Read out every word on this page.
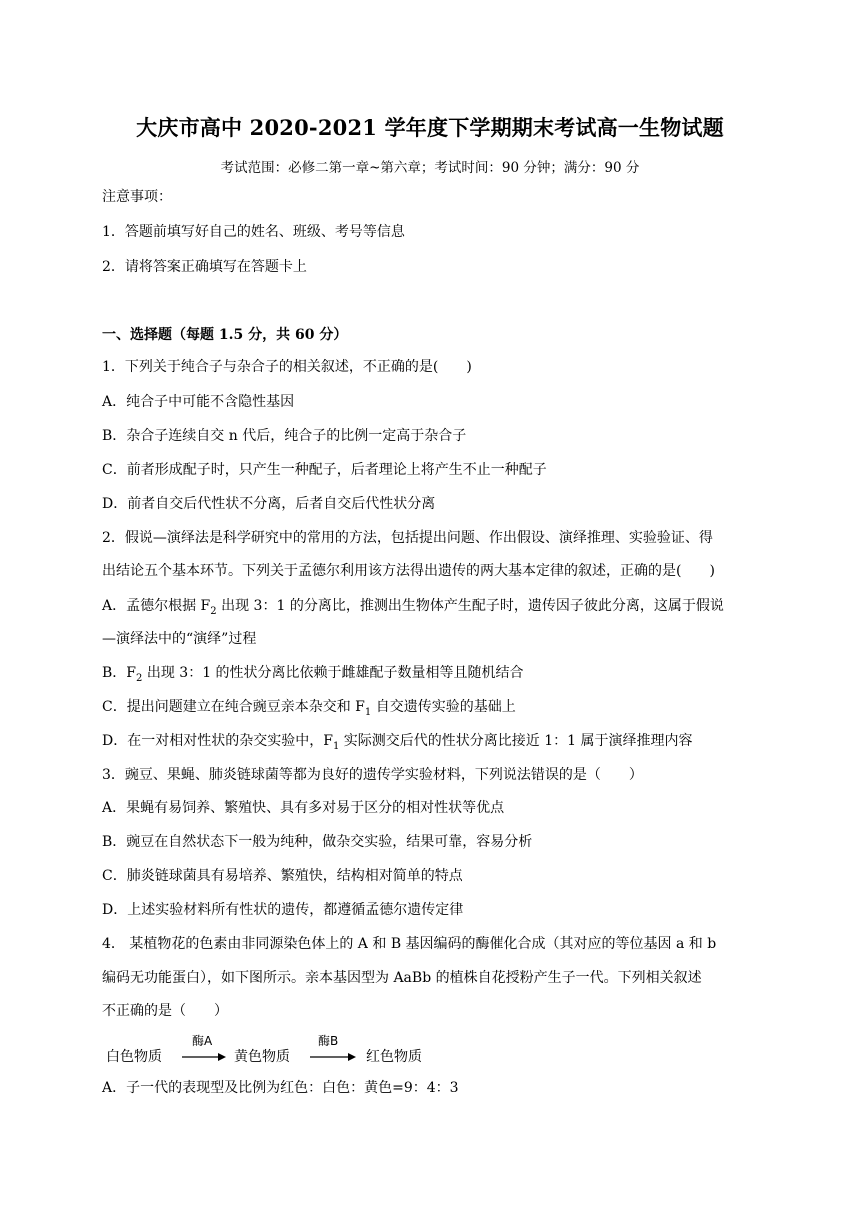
大庆市高中 2020-2021 学年度下学期期末考试高一生物试题
考试范围：必修二第一章~第六章；考试时间：90 分钟；满分：90 分
注意事项：
1．答题前填写好自己的姓名、班级、考号等信息
2．请将答案正确填写在答题卡上
一、选择题（每题 1.5 分，共 60 分）
1．下列关于纯合子与杂合子的相关叙述，不正确的是(　　)
A．纯合子中可能不含隐性基因
B．杂合子连续自交 n 代后，纯合子的比例一定高于杂合子
C．前者形成配子时，只产生一种配子，后者理论上将产生不止一种配子
D．前者自交后代性状不分离，后者自交后代性状分离
2．假说—演绎法是科学研究中的常用的方法，包括提出问题、作出假设、演绎推理、实验验证、得
出结论五个基本环节。下列关于孟德尔利用该方法得出遗传的两大基本定律的叙述，正确的是(　　)
A．孟德尔根据 $F_2$ 出现 3：1 的分离比，推测出生物体产生配子时，遗传因子彼此分离，这属于假说
—演绎法中的“演绎”过程
B．$F_2$ 出现 3：1 的性状分离比依赖于雌雄配子数量相等且随机结合
C．提出问题建立在纯合豌豆亲本杂交和 $F_1$ 自交遗传实验的基础上
D．在一对相对性状的杂交实验中，$F_1$ 实际测交后代的性状分离比接近 1：1 属于演绎推理内容
3．豌豆、果蝇、肺炎链球菌等都为良好的遗传学实验材料，下列说法错误的是（　　）
A．果蝇有易饲养、繁殖快、具有多对易于区分的相对性状等优点
B．豌豆在自然状态下一般为纯种，做杂交实验，结果可靠，容易分析
C．肺炎链球菌具有易培养、繁殖快，结构相对简单的特点
D．上述实验材料所有性状的遗传，都遵循孟德尔遗传定律
4． 某植物花的色素由非同源染色体上的 A 和 B 基因编码的酶催化合成（其对应的等位基因 a 和 b
编码无功能蛋白），如下图所示。亲本基因型为 AaBb 的植株自花授粉产生子一代。下列相关叙述
不正确的是（　　）
白色物质
酶A
黄色物质
酶B
红色物质
A．子一代的表现型及比例为红色：白色：黄色=9：4：3
